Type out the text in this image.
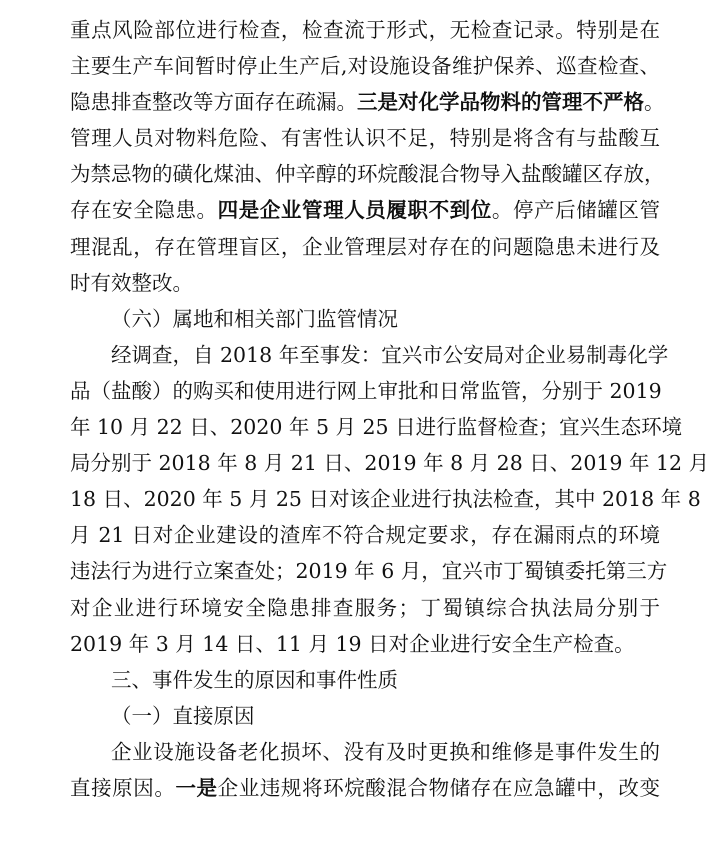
重点风险部位进行检查，检查流于形式，无检查记录。特别是在
主要生产车间暂时停止生产后,对设施设备维护保养、巡查检查、
隐患排查整改等方面存在疏漏。三是对化学品物料的管理不严格。
管理人员对物料危险、有害性认识不足，特别是将含有与盐酸互
为禁忌物的磺化煤油、仲辛醇的环烷酸混合物导入盐酸罐区存放，
存在安全隐患。四是企业管理人员履职不到位。停产后储罐区管
理混乱，存在管理盲区，企业管理层对存在的问题隐患未进行及
时有效整改。
（六）属地和相关部门监管情况
经调查，自 2018 年至事发：宜兴市公安局对企业易制毒化学
品（盐酸）的购买和使用进行网上审批和日常监管，分别于 2019
年 10 月 22 日、2020 年 5 月 25 日进行监督检查；宜兴生态环境
局分别于 2018 年 8 月 21 日、2019 年 8 月 28 日、2019 年 12 月
18 日、2020 年 5 月 25 日对该企业进行执法检查，其中 2018 年 8
月 21 日对企业建设的渣库不符合规定要求，存在漏雨点的环境
违法行为进行立案查处；2019 年 6 月，宜兴市丁蜀镇委托第三方
对企业进行环境安全隐患排查服务；丁蜀镇综合执法局分别于
2019 年 3 月 14 日、11 月 19 日对企业进行安全生产检查。
三、事件发生的原因和事件性质
（一）直接原因
企业设施设备老化损坏、没有及时更换和维修是事件发生的
直接原因。一是企业违规将环烷酸混合物储存在应急罐中，改变
